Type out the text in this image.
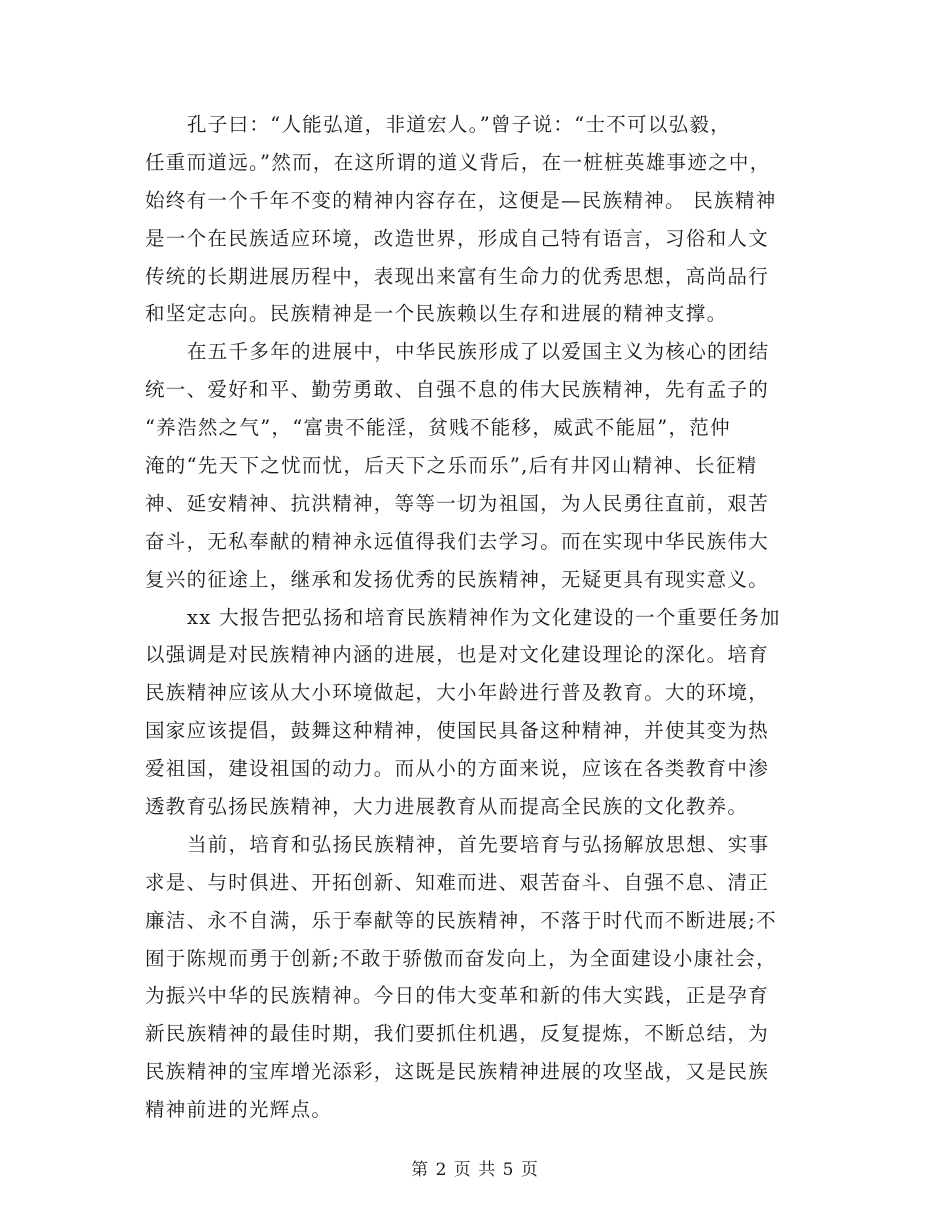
孔子曰：“人能弘道，非道宏人。”曾子说：“士不可以弘毅，
任重而道远。”然而，在这所谓的道义背后，在一桩桩英雄事迹之中，
始终有一个千年不变的精神内容存在，这便是—民族精神。 民族精神
是一个在民族适应环境，改造世界，形成自己特有语言，习俗和人文
传统的长期进展历程中，表现出来富有生命力的优秀思想，高尚品行
和坚定志向。民族精神是一个民族赖以生存和进展的精神支撑。
在五千多年的进展中，中华民族形成了以爱国主义为核心的团结
统一、爱好和平、勤劳勇敢、自强不息的伟大民族精神，先有孟子的
“养浩然之气”，“富贵不能淫，贫贱不能移，威武不能屈”，范仲
淹的“先天下之忧而忧，后天下之乐而乐”,后有井冈山精神、长征精
神、延安精神、抗洪精神，等等一切为祖国，为人民勇往直前，艰苦
奋斗，无私奉献的精神永远值得我们去学习。而在实现中华民族伟大
复兴的征途上，继承和发扬优秀的民族精神，无疑更具有现实意义。
xx 大报告把弘扬和培育民族精神作为文化建设的一个重要任务加
以强调是对民族精神内涵的进展，也是对文化建设理论的深化。培育
民族精神应该从大小环境做起，大小年龄进行普及教育。大的环境，
国家应该提倡，鼓舞这种精神，使国民具备这种精神，并使其变为热
爱祖国，建设祖国的动力。而从小的方面来说，应该在各类教育中渗
透教育弘扬民族精神，大力进展教育从而提高全民族的文化教养。
当前，培育和弘扬民族精神，首先要培育与弘扬解放思想、实事
求是、与时俱进、开拓创新、知难而进、艰苦奋斗、自强不息、清正
廉洁、永不自满，乐于奉献等的民族精神，不落于时代而不断进展;不
囿于陈规而勇于创新;不敢于骄傲而奋发向上，为全面建设小康社会，
为振兴中华的民族精神。今日的伟大变革和新的伟大实践，正是孕育
新民族精神的最佳时期，我们要抓住机遇，反复提炼，不断总结，为
民族精神的宝库增光添彩，这既是民族精神进展的攻坚战，又是民族
精神前进的光辉点。
第 2 页 共 5 页
